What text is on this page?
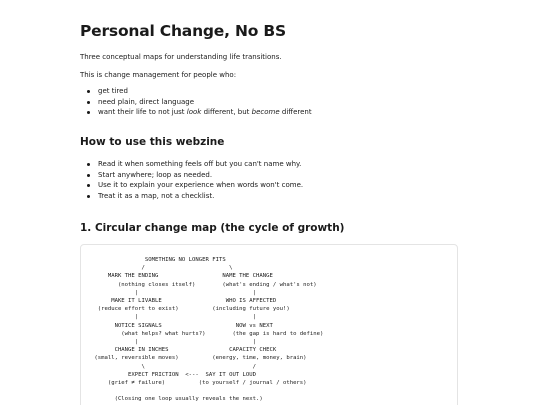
Personal Change, No BS

Three conceptual maps for understanding life transitions.

This is change management for people who:

get tired
need plain, direct language
want their life to not just look different, but become different
How to use this webzine
Read it when something feels off but you can't name why.
Start anywhere; loop as needed.
Use it to explain your experience when words won't come.
Treat it as a map, not a checklist.
1. Circular change map (the cycle of growth)
SOMETHING NO LONGER FITS
/                         \
MARK THE ENDING                   NAME THE CHANGE
(nothing closes itself)        (what's ending / what's not)
|                                  |
MAKE IT LIVABLE                   WHO IS AFFECTED
(reduce effort to exist)          (including future you!)
|                                  |
NOTICE SIGNALS                      NOW vs NEXT
(what helps? what hurts?)        (the gap is hard to define)
|                                  |
CHANGE IN INCHES                  CAPACITY CHECK
(small, reversible moves)          (energy, time, money, brain)
\                                /
EXPECT FRICTION  <---  SAY IT OUT LOUD
(grief ≠ failure)          (to yourself / journal / others)

(Closing one loop usually reveals the next.)
